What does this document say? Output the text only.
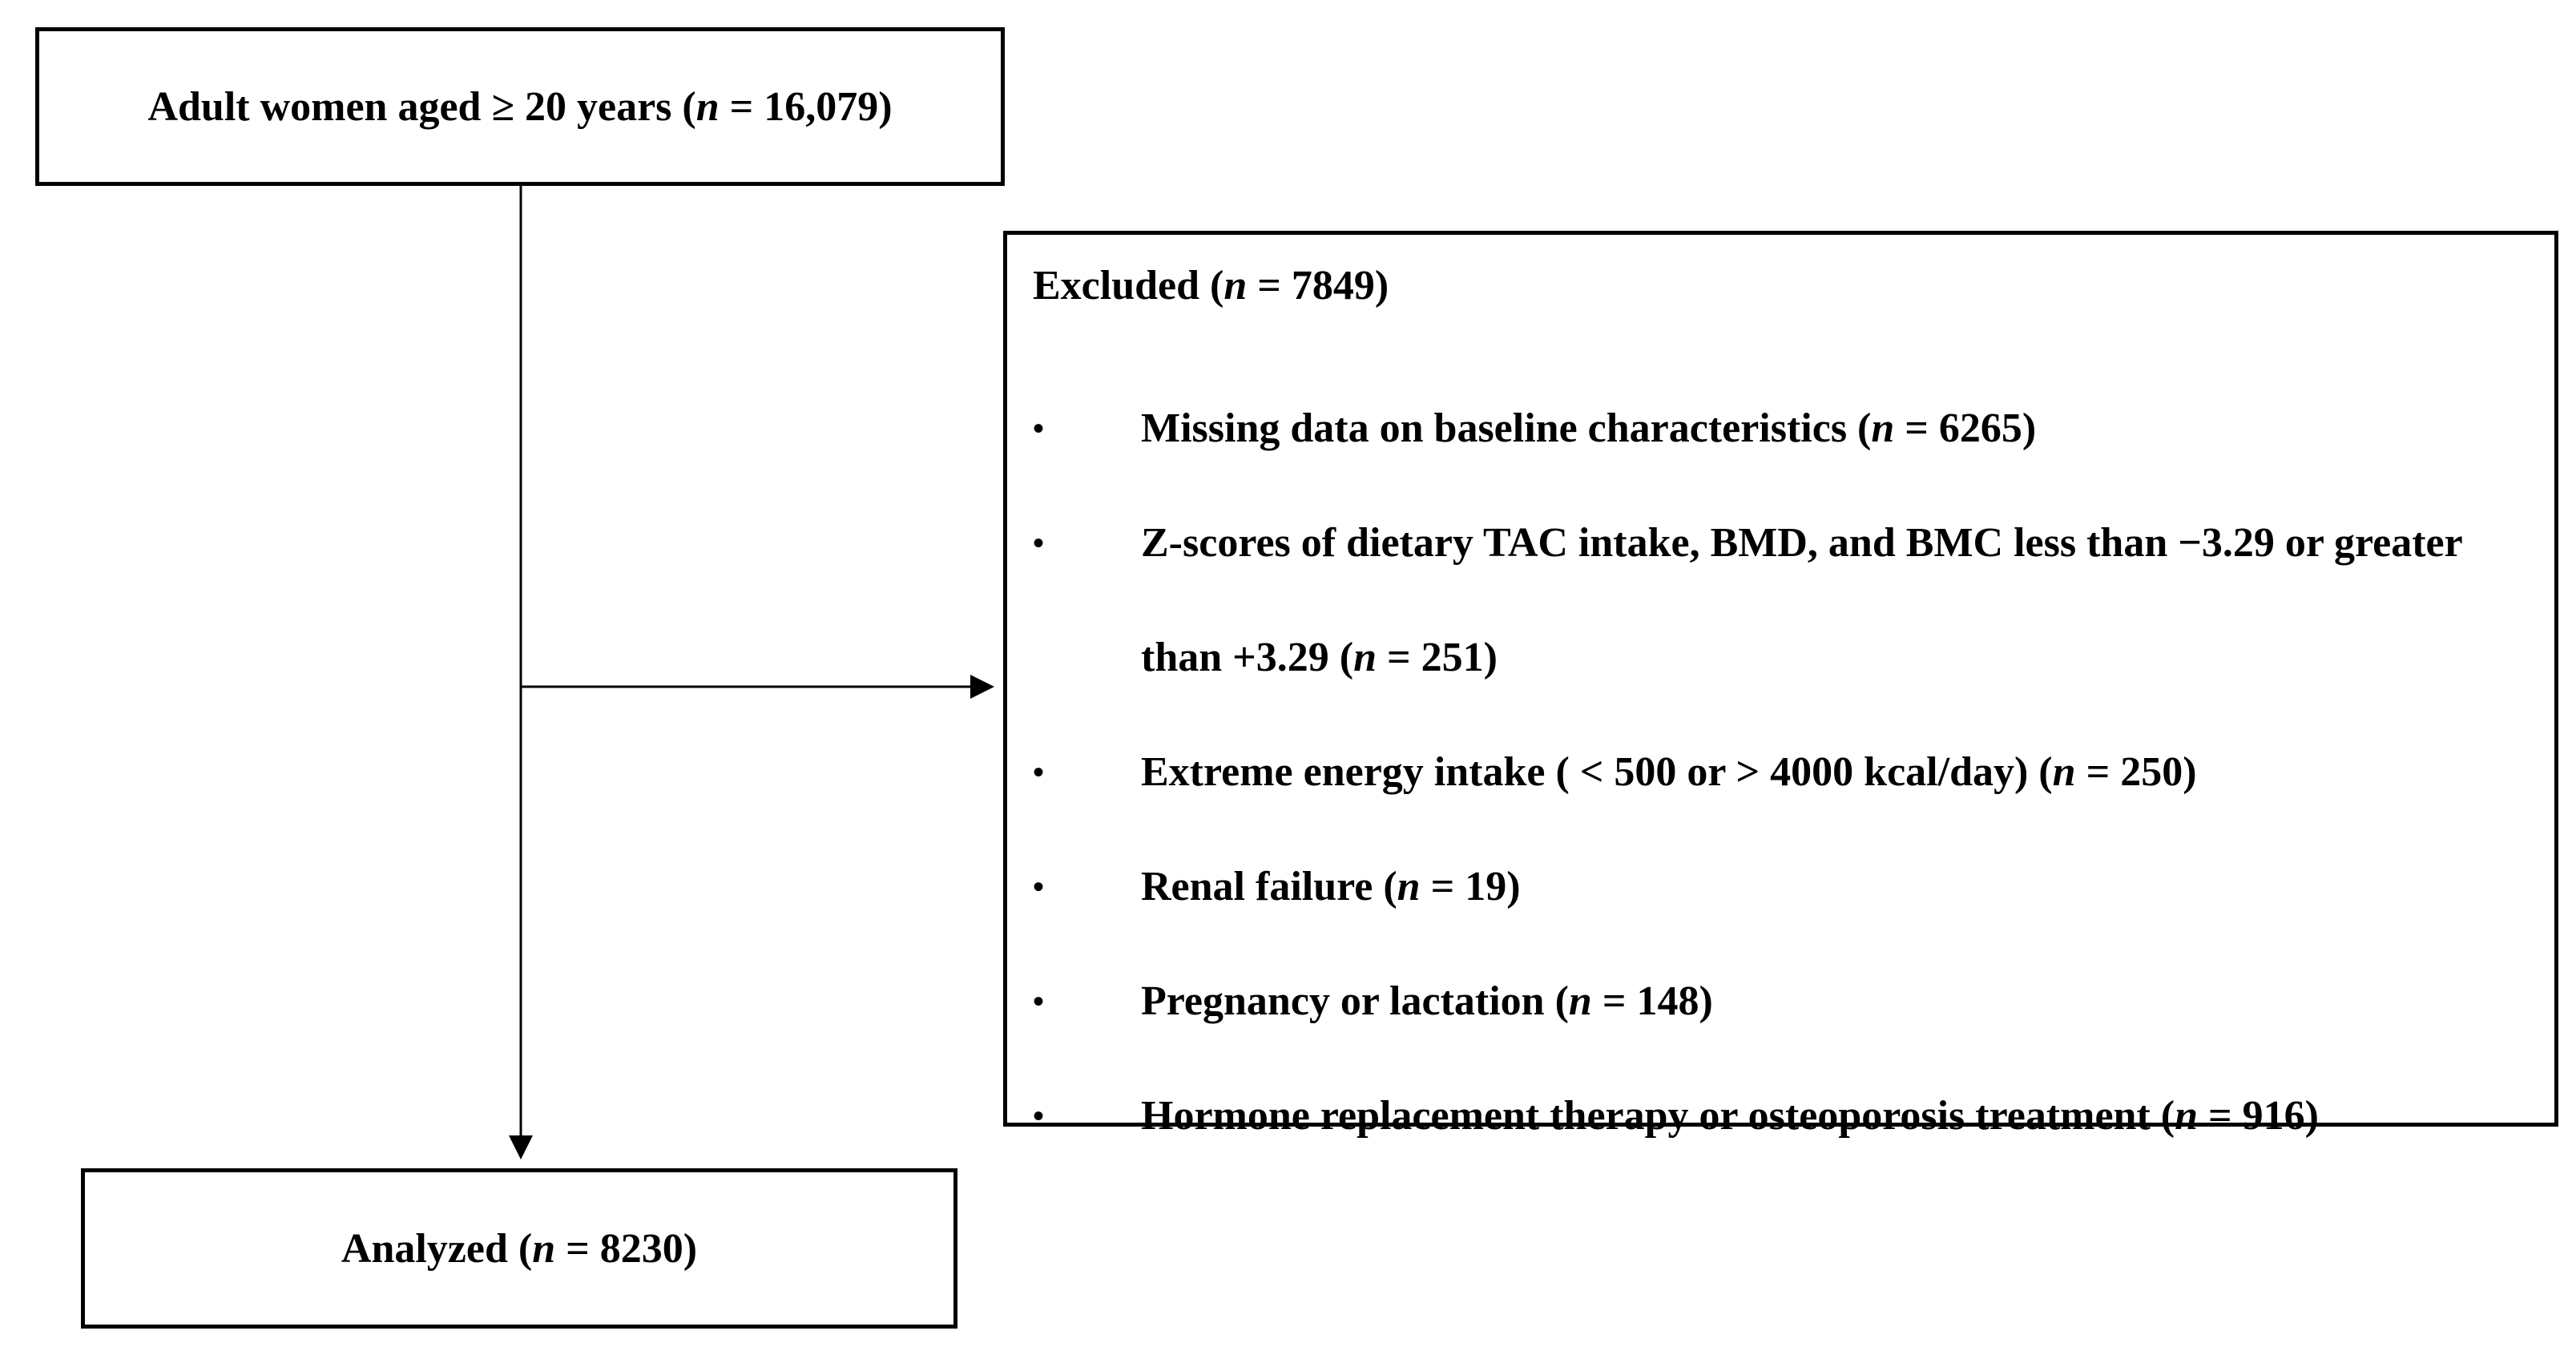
Adult women aged ≥ 20 years (n = 16,079)
Excluded (n = 7849)
• Missing data on baseline characteristics (n = 6265)
• Z-scores of dietary TAC intake, BMD, and BMC less than −3.29 or greater than +3.29 (n = 251)
• Extreme energy intake ( < 500 or > 4000 kcal/day) (n = 250)
• Renal failure (n = 19)
• Pregnancy or lactation (n = 148)
• Hormone replacement therapy or osteoporosis treatment (n = 916)
Analyzed (n = 8230)
